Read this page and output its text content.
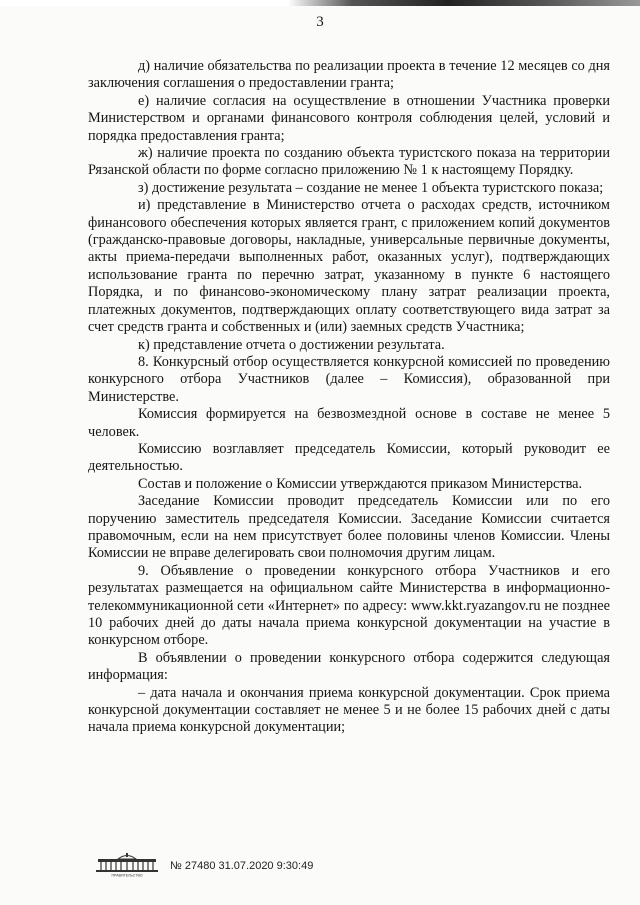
3

д) наличие обязательства по реализации проекта в течение 12 месяцев со дня заключения соглашения о предоставлении гранта;

е) наличие согласия на осуществление в отношении Участника проверки Министерством и органами финансового контроля соблюдения целей, условий и порядка предоставления гранта;

ж) наличие проекта по созданию объекта туристского показа на территории Рязанской области по форме согласно приложению № 1 к настоящему Порядку.

з) достижение результата – создание не менее 1 объекта туристского показа;

и) представление в Министерство отчета о расходах средств, источником финансового обеспечения которых является грант, с приложением копий документов (гражданско-правовые договоры, накладные, универсальные первичные документы, акты приема-передачи выполненных работ, оказанных услуг), подтверждающих использование гранта по перечню затрат, указанному в пункте 6 настоящего Порядка, и по финансово-экономическому плану затрат реализации проекта, платежных документов, подтверждающих оплату соответствующего вида затрат за счет средств гранта и собственных и (или) заемных средств Участника;

к) представление отчета о достижении результата.

8. Конкурсный отбор осуществляется конкурсной комиссией по проведению конкурсного отбора Участников (далее – Комиссия), образованной при Министерстве.

Комиссия формируется на безвозмездной основе в составе не менее 5 человек.

Комиссию возглавляет председатель Комиссии, который руководит ее деятельностью.

Состав и положение о Комиссии утверждаются приказом Министерства.

Заседание Комиссии проводит председатель Комиссии или по его поручению заместитель председателя Комиссии. Заседание Комиссии считается правомочным, если на нем присутствует более половины членов Комиссии. Члены Комиссии не вправе делегировать свои полномочия другим лицам.

9. Объявление о проведении конкурсного отбора Участников и его результатах размещается на официальном сайте Министерства в информационно-телекоммуникационной сети «Интернет» по адресу: www.kkt.ryazangov.ru не позднее 10 рабочих дней до даты начала приема конкурсной документации на участие в конкурсном отборе.

В объявлении о проведении конкурсного отбора содержится следующая информация:

– дата начала и окончания приема конкурсной документации. Срок приема конкурсной документации составляет не менее 5 и не более 15 рабочих дней с даты начала приема конкурсной документации;

ПРАВИТЕЛЬСТВО
№ 27480 31.07.2020 9:30:49
